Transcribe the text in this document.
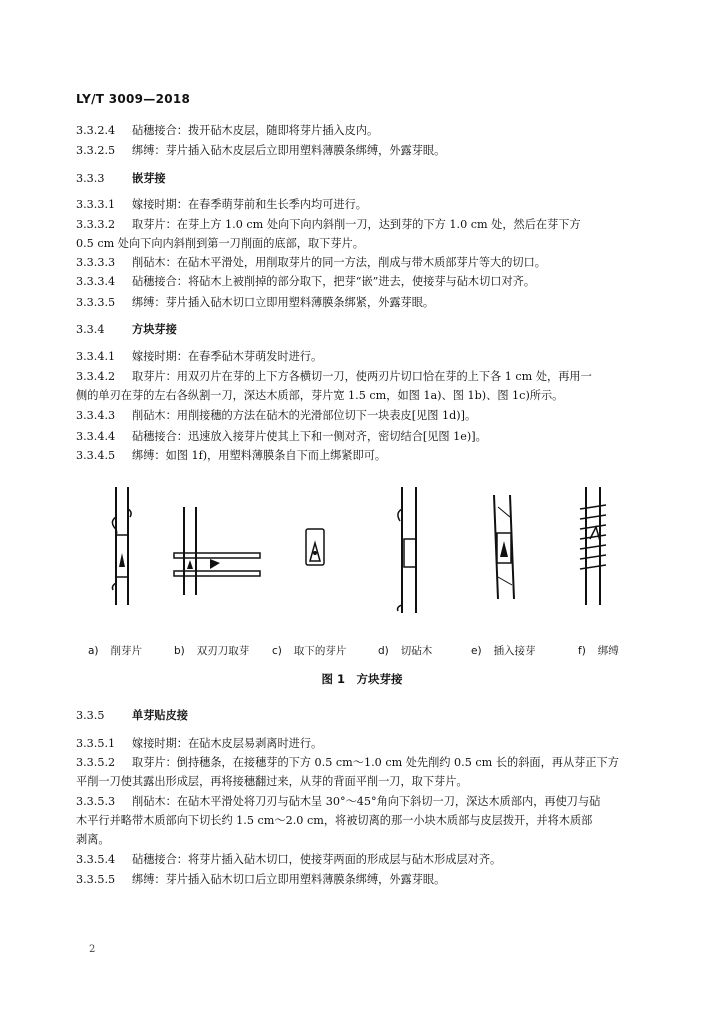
LY/T 3009—2018
3.3.2.4 砧穗接合：拨开砧木皮层，随即将芽片插入皮内。
3.3.2.5 绑缚：芽片插入砧木皮层后立即用塑料薄膜条绑缚，外露芽眼。
3.3.3 嵌芽接
3.3.3.1 嫁接时期：在春季萌芽前和生长季内均可进行。
3.3.3.2 取芽片：在芽上方 1.0 cm 处向下向内斜削一刀，达到芽的下方 1.0 cm 处，然后在芽下方
0.5 cm 处向下向内斜削到第一刀削面的底部，取下芽片。
3.3.3.3 削砧木：在砧木平滑处，用削取芽片的同一方法，削成与带木质部芽片等大的切口。
3.3.3.4 砧穗接合：将砧木上被削掉的部分取下，把芽“嵌”进去，使接芽与砧木切口对齐。
3.3.3.5 绑缚：芽片插入砧木切口立即用塑料薄膜条绑紧，外露芽眼。
3.3.4 方块芽接
3.3.4.1 嫁接时期：在春季砧木芽萌发时进行。
3.3.4.2 取芽片：用双刃片在芽的上下方各横切一刀，使两刃片切口恰在芽的上下各 1 cm 处，再用一
侧的单刃在芽的左右各纵割一刀，深达木质部，芽片宽 1.5 cm，如图 1a)、图 1b)、图 1c)所示。
3.3.4.3 削砧木：用削接穗的方法在砧木的光滑部位切下一块表皮[见图 1d)]。
3.3.4.4 砧穗接合：迅速放入接芽片使其上下和一侧对齐，密切结合[见图 1e)]。
3.3.4.5 绑缚：如图 1f)，用塑料薄膜条自下而上绑紧即可。
a) 削芽片	b) 双刃刀取芽 c) 取下的芽片	d) 切砧木	e) 插入接芽	f) 绑缚
图 1　方块芽接
3.3.5 单芽贴皮接
3.3.5.1 嫁接时期：在砧木皮层易剥离时进行。
3.3.5.2 取芽片：倒持穗条，在接穗芽的下方 0.5 cm～1.0 cm 处先削约 0.5 cm 长的斜面，再从芽正下方
平削一刀使其露出形成层，再将接穗翻过来，从芽的背面平削一刀，取下芽片。
3.3.5.3 削砧木：在砧木平滑处将刀刃与砧木呈 30°～45°角向下斜切一刀，深达木质部内，再使刀与砧
木平行并略带木质部向下切长约 1.5 cm～2.0 cm，将被切离的那一小块木质部与皮层拨开，并将木质部
剥离。
3.3.5.4 砧穗接合：将芽片插入砧木切口，使接芽两面的形成层与砧木形成层对齐。
3.3.5.5 绑缚：芽片插入砧木切口后立即用塑料薄膜条绑缚，外露芽眼。
2
